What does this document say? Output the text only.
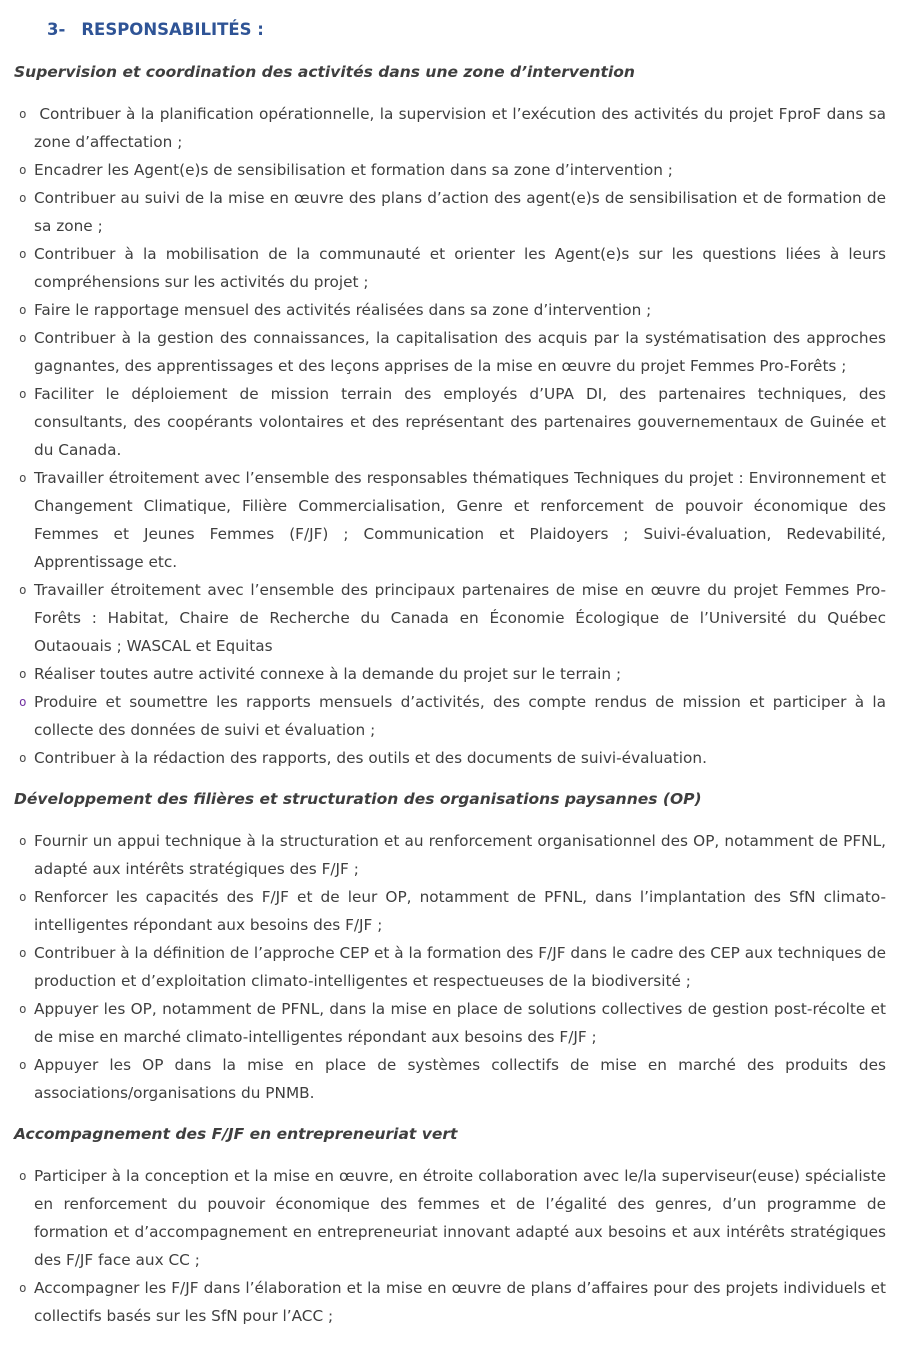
3- RESPONSABILITÉS :
Supervision et coordination des activités dans une zone d’intervention
o Contribuer à la planification opérationnelle, la supervision et l’exécution des activités du projet FproF dans sa zone d’affectation ;
o Encadrer les Agent(e)s de sensibilisation et formation dans sa zone d’intervention ;
o Contribuer au suivi de la mise en œuvre des plans d’action des agent(e)s de sensibilisation et de formation de sa zone ;
o Contribuer à la mobilisation de la communauté et orienter les Agent(e)s sur les questions liées à leurs compréhensions sur les activités du projet ;
o Faire le rapportage mensuel des activités réalisées dans sa zone d’intervention ;
o Contribuer à la gestion des connaissances, la capitalisation des acquis par la systématisation des approches gagnantes, des apprentissages et des leçons apprises de la mise en œuvre du projet Femmes Pro-Forêts ;
o Faciliter le déploiement de mission terrain des employés d’UPA DI, des partenaires techniques, des consultants, des coopérants volontaires et des représentant des partenaires gouvernementaux de Guinée et du Canada.
o Travailler étroitement avec l’ensemble des responsables thématiques Techniques du projet : Environnement et Changement Climatique, Filière Commercialisation, Genre et renforcement de pouvoir économique des Femmes et Jeunes Femmes (F/JF) ; Communication et Plaidoyers ; Suivi-évaluation, Redevabilité, Apprentissage etc.
o Travailler étroitement avec l’ensemble des principaux partenaires de mise en œuvre du projet Femmes Pro-Forêts : Habitat, Chaire de Recherche du Canada en Économie Écologique de l’Université du Québec Outaouais ; WASCAL et Equitas
o Réaliser toutes autre activité connexe à la demande du projet sur le terrain ;
o Produire et soumettre les rapports mensuels d’activités, des compte rendus de mission et participer à la collecte des données de suivi et évaluation ;
o Contribuer à la rédaction des rapports, des outils et des documents de suivi-évaluation.
Développement des filières et structuration des organisations paysannes (OP)
o Fournir un appui technique à la structuration et au renforcement organisationnel des OP, notamment de PFNL, adapté aux intérêts stratégiques des F/JF ;
o Renforcer les capacités des F/JF et de leur OP, notamment de PFNL, dans l’implantation des SfN climato-intelligentes répondant aux besoins des F/JF ;
o Contribuer à la définition de l’approche CEP et à la formation des F/JF dans le cadre des CEP aux techniques de production et d’exploitation climato-intelligentes et respectueuses de la biodiversité ;
o Appuyer les OP, notamment de PFNL, dans la mise en place de solutions collectives de gestion post-récolte et de mise en marché climato-intelligentes répondant aux besoins des F/JF ;
o Appuyer les OP dans la mise en place de systèmes collectifs de mise en marché des produits des associations/organisations du PNMB.
Accompagnement des F/JF en entrepreneuriat vert
o Participer à la conception et la mise en œuvre, en étroite collaboration avec le/la superviseur(euse) spécialiste en renforcement du pouvoir économique des femmes et de l’égalité des genres, d’un programme de formation et d’accompagnement en entrepreneuriat innovant adapté aux besoins et aux intérêts stratégiques des F/JF face aux CC ;
o Accompagner les F/JF dans l’élaboration et la mise en œuvre de plans d’affaires pour des projets individuels et collectifs basés sur les SfN pour l’ACC ;
